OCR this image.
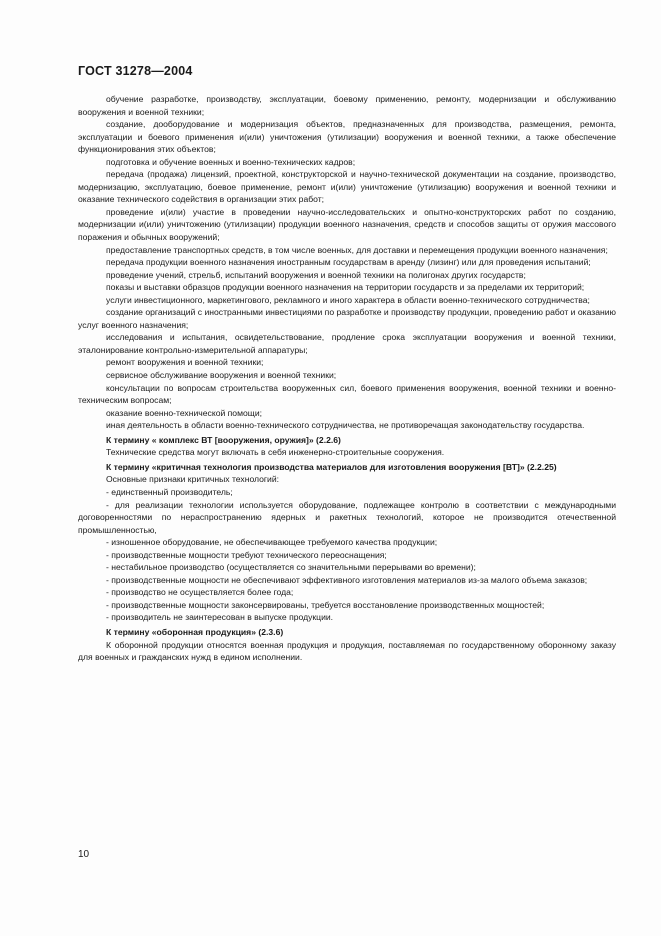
ГОСТ 31278—2004

обучение разработке, производству, эксплуатации, боевому применению, ремонту, модернизации и обслуживанию вооружения и военной техники;

создание, дооборудование и модернизация объектов, предназначенных для производства, размещения, ремонта, эксплуатации и боевого применения и(или) уничтожения (утилизации) вооружения и военной техники, а также обеспечение функционирования этих объектов;

подготовка и обучение военных и военно-технических кадров;

передача (продажа) лицензий, проектной, конструкторской и научно-технической документации на создание, производство, модернизацию, эксплуатацию, боевое применение, ремонт и(или) уничтожение (утилизацию) вооружения и военной техники и оказание технического содействия в организации этих работ;

проведение и(или) участие в проведении научно-исследовательских и опытно-конструкторских работ по созданию, модернизации и(или) уничтожению (утилизации) продукции военного назначения, средств и способов защиты от оружия массового поражения и обычных вооружений;

предоставление транспортных средств, в том числе военных, для доставки и перемещения продукции военного назначения;

передача продукции военного назначения иностранным государствам в аренду (лизинг) или для проведения испытаний;

проведение учений, стрельб, испытаний вооружения и военной техники на полигонах других государств;

показы и выставки образцов продукции военного назначения на территории государств и за пределами их территорий;

услуги инвестиционного, маркетингового, рекламного и иного характера в области военно-технического сотрудничества;

создание организаций с иностранными инвестициями по разработке и производству продукции, проведению работ и оказанию услуг военного назначения;

исследования и испытания, освидетельствование, продление срока эксплуатации вооружения и военной техники, эталонирование контрольно-измерительной аппаратуры;

ремонт вооружения и военной техники;

сервисное обслуживание вооружения и военной техники;

консультации по вопросам строительства вооруженных сил, боевого применения вооружения, военной техники и военно-техническим вопросам;

оказание военно-технической помощи;

иная деятельность в области военно-технического сотрудничества, не противоречащая законодательству государства.

К термину « комплекс ВТ [вооружения, оружия]» (2.2.6)

Технические средства могут включать в себя инженерно-строительные сооружения.

К термину «критичная технология производства материалов для изготовления вооружения [ВТ]» (2.2.25)

Основные признаки критичных технологий:

- единственный производитель;

- для реализации технологии используется оборудование, подлежащее контролю в соответствии с международными договоренностями по нераспространению ядерных и ракетных технологий, которое не производится отечественной промышленностью,

- изношенное оборудование, не обеспечивающее требуемого качества продукции;

- производственные мощности требуют технического переоснащения;

- нестабильное производство (осуществляется со значительными перерывами во времени);

- производственные мощности не обеспечивают эффективного изготовления материалов из-за малого объема заказов;

- производство не осуществляется более года;

- производственные мощности законсервированы, требуется восстановление производственных мощностей;

- производитель не заинтересован в выпуске продукции.

К термину «оборонная продукция» (2.3.6)

К оборонной продукции относятся военная продукция и продукция, поставляемая по государственному оборонному заказу для военных и гражданских нужд в едином исполнении.

10
